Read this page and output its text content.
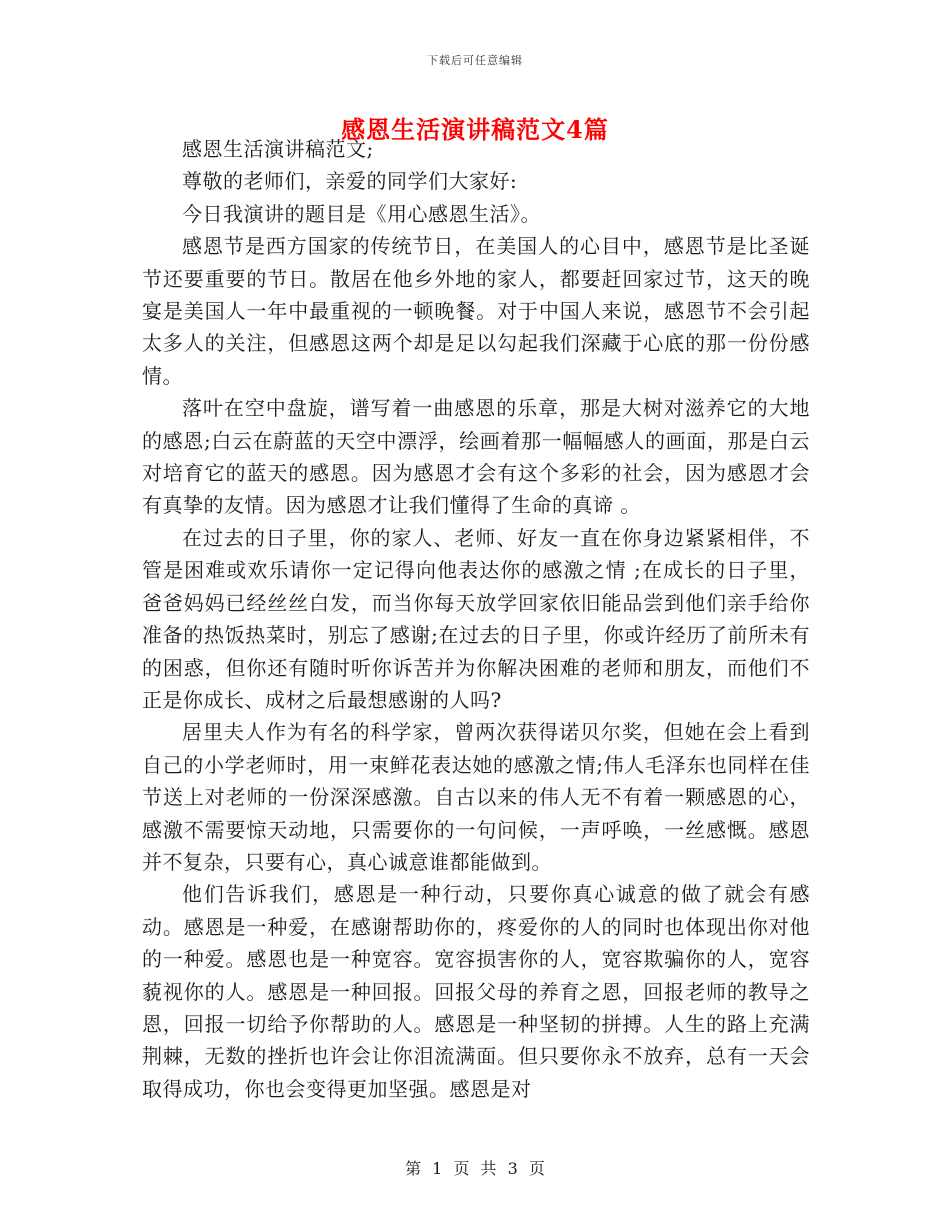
下载后可任意编辑
感恩生活演讲稿范文4篇

感恩生活演讲稿范文;

尊敬的老师们，亲爱的同学们大家好:

今日我演讲的题目是《用心感恩生活》。

感恩节是西方国家的传统节日，在美国人的心目中，感恩节是比圣诞节还要重要的节日。散居在他乡外地的家人，都要赶回家过节，这天的晚宴是美国人一年中最重视的一顿晚餐。对于中国人来说，感恩节不会引起太多人的关注，但感恩这两个却是足以勾起我们深藏于心底的那一份份感情。

落叶在空中盘旋，谱写着一曲感恩的乐章，那是大树对滋养它的大地的感恩;白云在蔚蓝的天空中漂浮，绘画着那一幅幅感人的画面，那是白云对培育它的蓝天的感恩。因为感恩才会有这个多彩的社会，因为感恩才会有真挚的友情。因为感恩才让我们懂得了生命的真谛 。

在过去的日子里，你的家人、老师、好友一直在你身边紧紧相伴，不管是困难或欢乐请你一定记得向他表达你的感激之情 ;在成长的日子里，爸爸妈妈已经丝丝白发，而当你每天放学回家依旧能品尝到他们亲手给你准备的热饭热菜时，别忘了感谢;在过去的日子里，你或许经历了前所未有的困惑，但你还有随时听你诉苦并为你解决困难的老师和朋友，而他们不正是你成长、成材之后最想感谢的人吗?

居里夫人作为有名的科学家，曾两次获得诺贝尔奖，但她在会上看到自己的小学老师时，用一束鲜花表达她的感激之情;伟人毛泽东也同样在佳节送上对老师的一份深深感激。自古以来的伟人无不有着一颗感恩的心，感激不需要惊天动地，只需要你的一句问候，一声呼唤，一丝感慨。感恩并不复杂，只要有心，真心诚意谁都能做到。

他们告诉我们，感恩是一种行动，只要你真心诚意的做了就会有感动。感恩是一种爱，在感谢帮助你的，疼爱你的人的同时也体现出你对他的一种爱。感恩也是一种宽容。宽容损害你的人，宽容欺骗你的人，宽容藐视你的人。感恩是一种回报。回报父母的养育之恩，回报老师的教导之恩，回报一切给予你帮助的人。感恩是一种坚韧的拼搏。人生的路上充满荆棘，无数的挫折也许会让你泪流满面。但只要你永不放弃，总有一天会取得成功，你也会变得更加坚强。感恩是对

第 1 页 共 3 页
